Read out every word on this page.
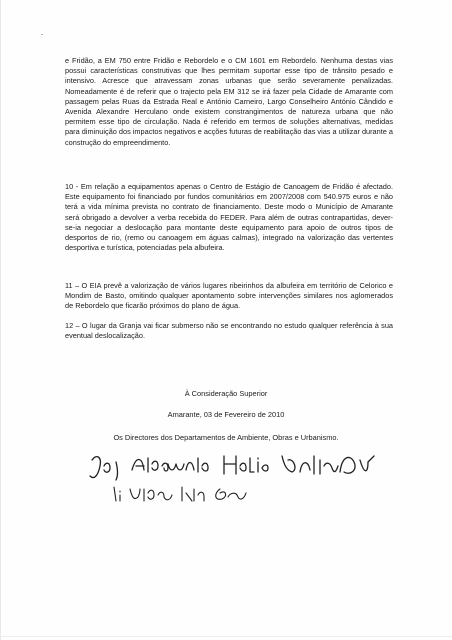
-
e Fridão, a EM 750 entre Fridão e Rebordelo e o CM 1601 em Rebordelo. Nenhuma destas vias possui características construtivas que lhes permitam suportar esse tipo de trânsito pesado e intensivo. Acresce que atravessam zonas urbanas que serão severamente penalizadas. Nomeadamente é de referir que o trajecto pela EM 312 se irá fazer pela Cidade de Amarante com passagem pelas Ruas da Estrada Real e António Carneiro, Largo Conselheiro António Cândido e Avenida Alexandre Herculano onde existem constrangimentos de natureza urbana que não permitem esse tipo de circulação. Nada é referido em termos de soluções alternativas, medidas para diminuição dos impactos negativos e acções futuras de reabilitação das vias a utilizar durante a construção do empreendimento.
10 - Em relação a equipamentos apenas o Centro de Estágio de Canoagem de Fridão é afectado. Este equipamento foi financiado por fundos comunitários em 2007/2008 com 540.975 euros e não terá a vida mínima prevista no contrato de financiamento. Deste modo o Município de Amarante será obrigado a devolver a verba recebida do FEDER. Para além de outras contrapartidas, dever-se-ia negociar a deslocação para montante deste equipamento para apoio de outros tipos de desportos de rio, (remo ou canoagem em águas calmas), integrado na valorização das vertentes desportiva e turística, potenciadas pela albufeira.
11 – O EIA prevê a valorização de vários lugares ribeirinhos da albufeira em território de Celorico e Mondim de Basto, omitindo qualquer apontamento sobre intervenções similares nos aglomerados de Rebordelo que ficarão próximos do plano de água.
12 – O lugar da Granja vai ficar submerso não se encontrando no estudo qualquer referência à sua eventual deslocalização.
À Consideração Superior
Amarante, 03 de Fevereiro de 2010
Os Directores dos Departamentos de Ambiente, Obras e Urbanismo.
